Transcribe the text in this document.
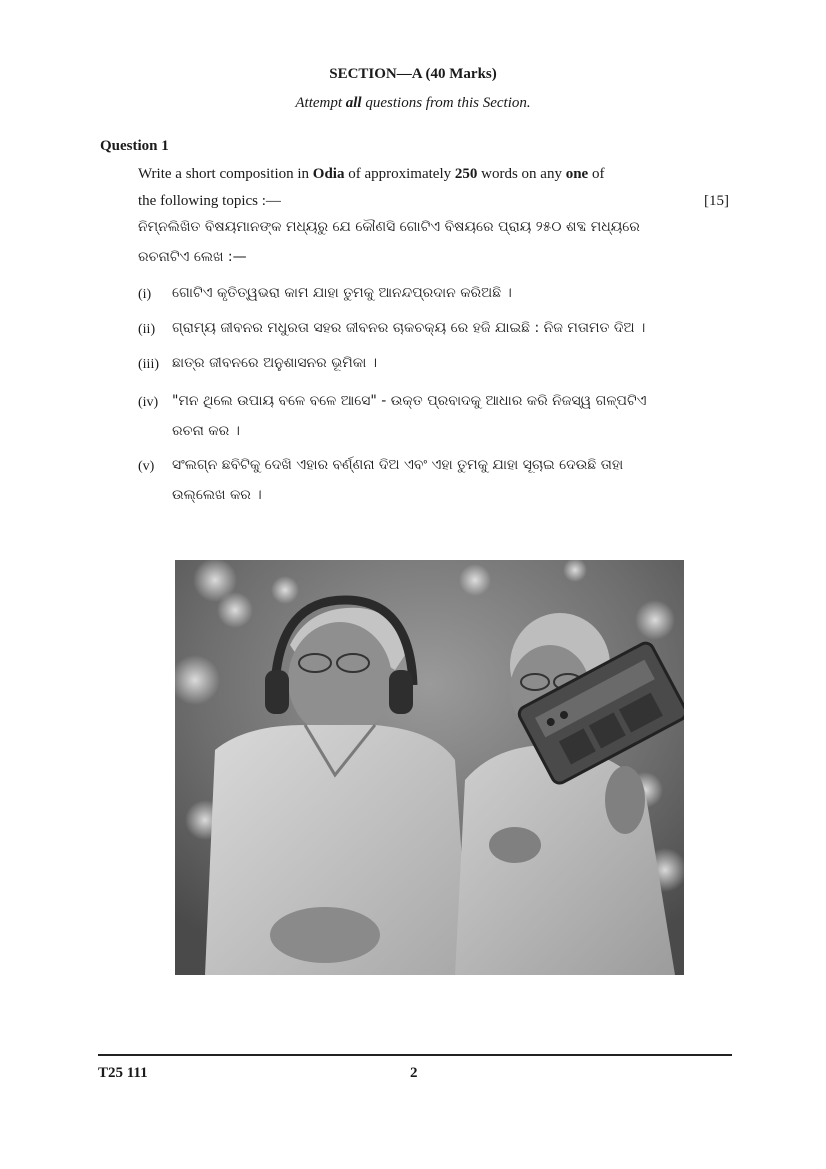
SECTION—A (40 Marks)
Attempt all questions from this Section.
Question 1
Write a short composition in Odia of approximately 250 words on any one of
the following topics :—	[15]
ନିମ୍ନଲିଖିତ ବିଷୟମାନଙ୍କ ମଧ୍ୟରୁ ଯେ କୌଣସି ଗୋଟିଏ ବିଷୟରେ ପ୍ରାୟ ୨୫୦ ଶବ୍ଦ ମଧ୍ୟରେ
ରଚନାଟିଏ ଲେଖ :—
(i) ଗୋଟିଏ କୃତିତ୍ୱଭରା କାମ ଯାହା ତୁମକୁ ଆନନ୍ଦପ୍ରଦାନ କରିଅଛି ।
(ii) ଗ୍ରାମ୍ୟ ଜୀବନର ମଧୁରତା ସହର ଜୀବନର ଚାକଚକ୍ୟ ରେ ହଜି ଯାଇଛି : ନିଜ ମତାମତ ଦିଅ ।
(iii) ଛାତ୍ର ଜୀବନରେ ଅନୁଶାସନର ଭୂମିକା ।
(iv) "ମନ ଥିଲେ ଉପାୟ ବଳେ ବଳେ ଆସେ" - ଉକ୍ତ ପ୍ରବାଦକୁ ଆଧାର କରି ନିଜସ୍ୱ ଗଳ୍ପଟିଏ
ରଚନା କର ।
(v) ସଂଲଗ୍ନ ଛବିଟିକୁ ଦେଖି ଏହାର ବର୍ଣ୍ଣନା ଦିଅ ଏବଂ ଏହା ତୁମକୁ ଯାହା ସୂଚାଇ ଦେଉଛି ତାହା
ଉଲ୍ଲେଖ କର ।
T25 111	2
